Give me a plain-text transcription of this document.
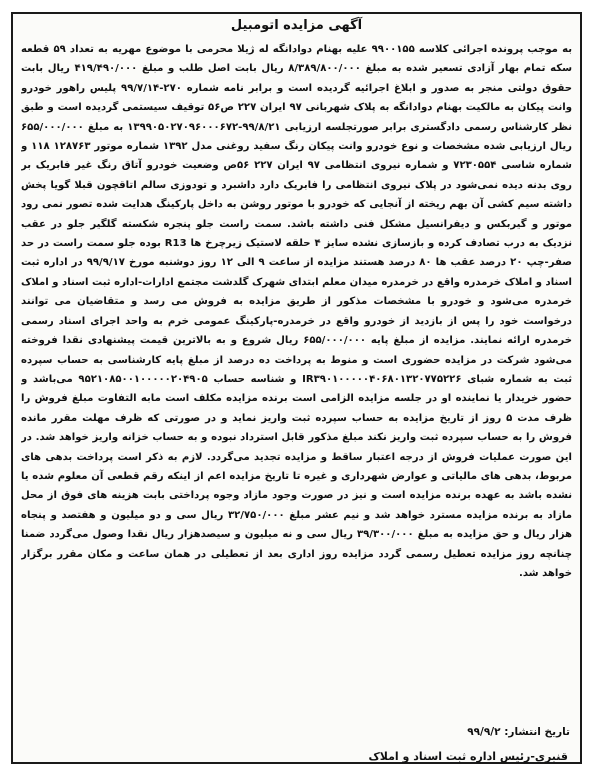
آگهی مزایده اتومبیل
به موجب پرونده اجرائی کلاسه ۹۹۰۰۱۵۵ علیه بهنام دوادانگه له ژیلا محرمی با موضوع مهریه به تعداد ۵۹ قطعه سکه تمام بهار آزادی تسعیر شده به مبلغ ۸/۳۸۹/۸۰۰/۰۰۰ ریال بابت اصل طلب و مبلغ ۴۱۹/۴۹۰/۰۰۰ ریال بابت حقوق دولتی منجر به صدور و ابلاغ اجرائیه گردیده است و برابر نامه شماره ۲۷۰-۹۹/۷/۱۴ پلیس راهور خودرو وانت پیکان به مالکیت بهنام دوادانگه به پلاک شهربانی ۹۷ ایران ۲۲۷ ص۵۶ توقیف سیستمی گردیده است و طبق نظر کارشناس رسمی دادگستری برابر صورتجلسه ارزیابی ۹۹/۸/۲۱-۱۳۹۹۰۵۰۲۷۰۹۶۰۰۰۶۷۲ به مبلغ ۶۵۵/۰۰۰/۰۰۰ ریال ارزیابی شده مشخصات و نوع خودرو وانت پیکان رنگ سفید روغنی مدل ۱۳۹۲ شماره موتور ۱۲۸۷۶۳ ۱۱۸ و شماره شاسی ۷۲۳۰۵۵۴ و شماره نیروی انتظامی ۹۷ ایران ۲۲۷ ۵۶ص وضعیت خودرو آتاق رنگ غیر فابریک بر روی بدنه دیده نمی‌شود در پلاک نیروی انتظامی را فابریک دارد داشبرد و تودوزی سالم اتاقچون قبلا گویا پخش داشته سیم کشی آن بهم ریخته از آنجایی که خودرو با موتور روشن به داخل پارکینگ هدایت شده تصور نمی رود موتور و گیربکس و دیفرانسیل مشکل فنی داشته باشد. سمت راست جلو پنجره شکسته گلگیر جلو در عقب نزدیک به درب تصادف کرده و بازسازی نشده سایز ۴ حلقه لاستیک زیرچرخ ها R13 بوده جلو سمت راست در حد صفر-چپ ۲۰ درصد عقب ها ۸۰ درصد هستند مزایده از ساعت ۹ الی ۱۲ روز دوشنبه مورخ ۹۹/۹/۱۷ در اداره ثبت اسناد و املاک خرمدره واقع در خرمدره میدان معلم ابتدای شهرک گلدشت مجتمع ادارات-اداره ثبت اسناد و املاک خرمدره می‌شود و خودرو با مشخصات مذکور از طریق مزایده به فروش می رسد و متقاضیان می توانند درخواست خود را پس از بازدید از خودرو واقع در خرمدره-پارکینگ عمومی خرم به واحد اجرای اسناد رسمی خرمدره ارائه نمایند. مزایده از مبلغ پایه ۶۵۵/۰۰۰/۰۰۰ ریال شروع و به بالاترین قیمت پیشنهادی نقدا فروخته می‌شود شرکت در مزایده حضوری است و منوط به پرداخت ده درصد از مبلغ پایه کارشناسی به حساب سپرده ثبت به شماره شبای IR۳۹۰۱۰۰۰۰۰۴۰۶۸۰۱۳۲۰۷۷۵۲۲۶ و شناسه حساب ۹۵۲۱۰۸۵۰۰۱۰۰۰۰۰۲۰۴۹۰۵ می‌باشد و حضور خریدار یا نماینده او در جلسه مزایده الزامی است برنده مزایده مکلف است مابه التفاوت مبلغ فروش را ظرف مدت ۵ روز از تاریخ مزایده به حساب سپرده ثبت واریز نماید و در صورتی که ظرف مهلت مقرر مانده فروش را به حساب سپرده ثبت واریز نکند مبلغ مذکور قابل استرداد نبوده و به حساب خزانه واریز خواهد شد. در این صورت عملیات فروش از درجه اعتبار ساقط و مزایده تجدید می‌گردد. لازم به ذکر است پرداخت بدهی های مربوط، بدهی های مالیاتی و عوارض شهرداری و غیره تا تاریخ مزایده اعم از اینکه رقم قطعی آن معلوم شده یا نشده باشد به عهده برنده مزایده است و نیز در صورت وجود مازاد وجوه پرداختی بابت هزینه های فوق از محل مازاد به برنده مزایده مسترد خواهد شد و نیم عشر مبلغ ۳۲/۷۵۰/۰۰۰ ریال سی و دو میلیون و هفتصد و پنجاه هزار ریال و حق مزایده به مبلغ ۳۹/۳۰۰/۰۰۰ ریال سی و نه میلیون و سیصدهزار ریال نقدا وصول می‌گردد ضمنا چنانچه روز مزایده تعطیل رسمی گردد مزایده روز اداری بعد از تعطیلی در همان ساعت و مکان مقرر برگزار خواهد شد.
تاریخ انتشار: ۹۹/۹/۲
قنبری-رئیس اداره ثبت اسناد و املاک
